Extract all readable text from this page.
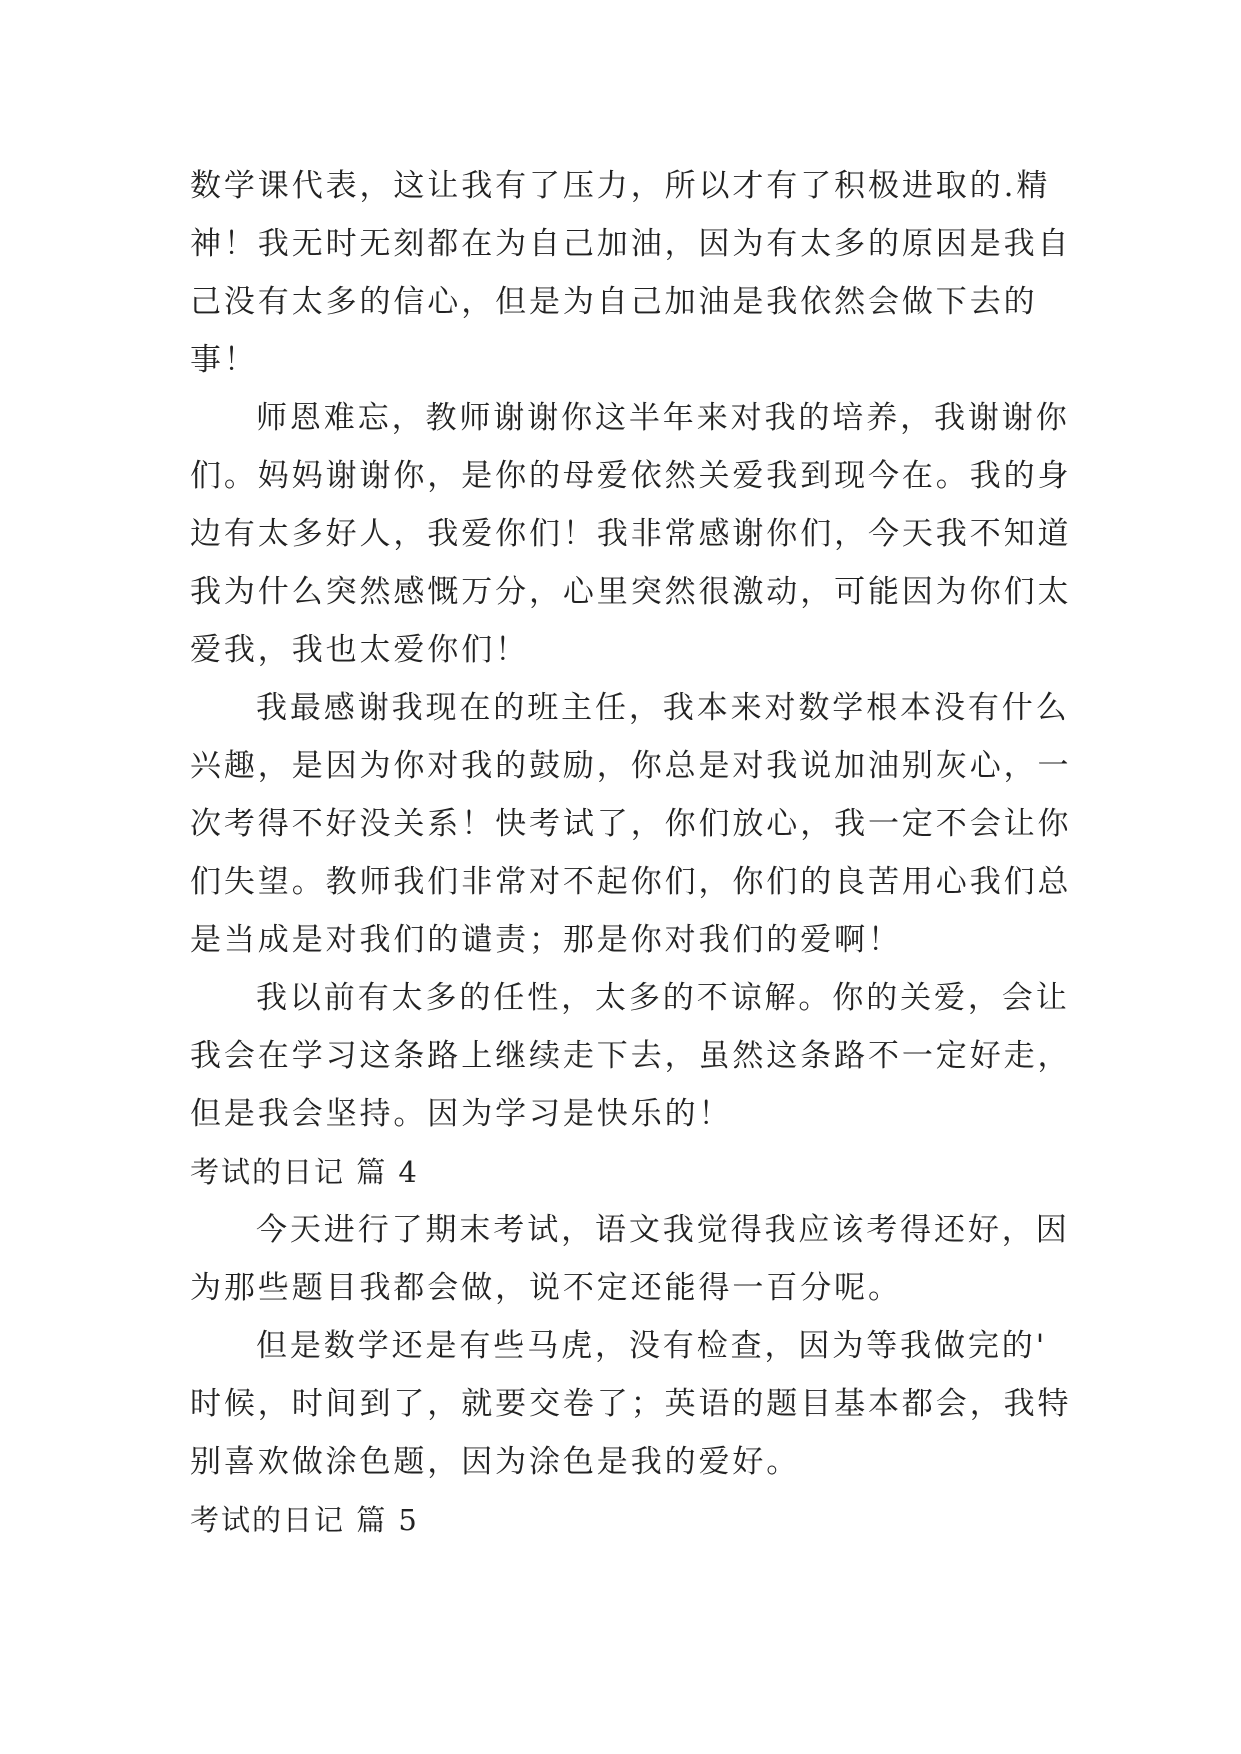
数学课代表，这让我有了压力，所以才有了积极进取的.精
神！我无时无刻都在为自己加油，因为有太多的原因是我自
己没有太多的信心，但是为自己加油是我依然会做下去的
事！
师恩难忘，教师谢谢你这半年来对我的培养，我谢谢你
们。妈妈谢谢你，是你的母爱依然关爱我到现今在。我的身
边有太多好人，我爱你们！我非常感谢你们，今天我不知道
我为什么突然感慨万分，心里突然很激动，可能因为你们太
爱我，我也太爱你们！
我最感谢我现在的班主任，我本来对数学根本没有什么
兴趣，是因为你对我的鼓励，你总是对我说加油别灰心，一
次考得不好没关系！快考试了，你们放心，我一定不会让你
们失望。教师我们非常对不起你们，你们的良苦用心我们总
是当成是对我们的谴责；那是你对我们的爱啊！
我以前有太多的任性，太多的不谅解。你的关爱，会让
我会在学习这条路上继续走下去，虽然这条路不一定好走，
但是我会坚持。因为学习是快乐的！
考试的日记 篇 4
今天进行了期末考试，语文我觉得我应该考得还好，因
为那些题目我都会做，说不定还能得一百分呢。
但是数学还是有些马虎，没有检查，因为等我做完的'
时候，时间到了，就要交卷了；英语的题目基本都会，我特
别喜欢做涂色题，因为涂色是我的爱好。
考试的日记 篇 5
